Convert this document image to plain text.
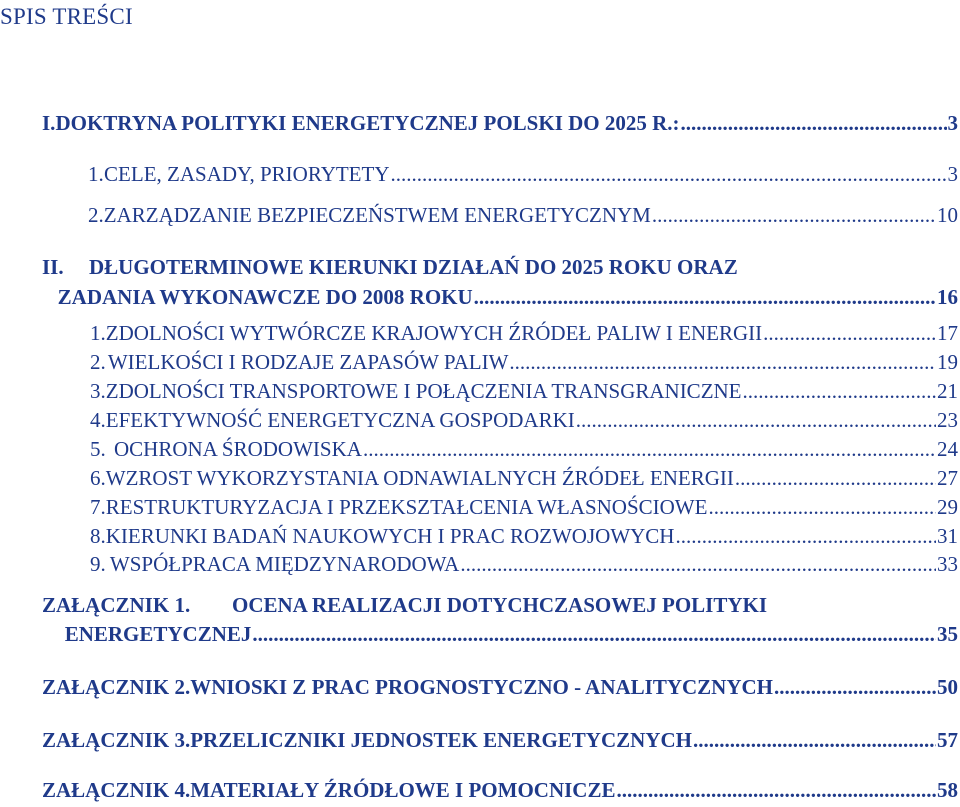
SPIS TREŚCI
I. DOKTRYNA POLITYKI ENERGETYCZNEJ POLSKI DO 2025 R.: .....	3
1. CELE, ZASADY, PRIORYTETY .....	3
2. ZARZĄDZANIE BEZPIECZEŃSTWEM ENERGETYCZNYM .....	10
II.	DŁUGOTERMINOWE KIERUNKI DZIAŁAŃ DO 2025 ROKU ORAZ
ZADANIA WYKONAWCZE DO 2008 ROKU .....	16
1. ZDOLNOŚCI WYTWÓRCZE KRAJOWYCH ŹRÓDEŁ PALIW I ENERGII .....	17
2. WIELKOŚCI I RODZAJE ZAPASÓW PALIW .....	19
3. ZDOLNOŚCI TRANSPORTOWE I POŁĄCZENIA TRANSGRANICZNE .....	21
4. EFEKTYWNOŚĆ ENERGETYCZNA GOSPODARKI .....	23
5. OCHRONA ŚRODOWISKA .....	24
6. WZROST WYKORZYSTANIA ODNAWIALNYCH ŹRÓDEŁ ENERGII .....	27
7. RESTRUKTURYZACJA I PRZEKSZTAŁCENIA WŁASNOŚCIOWE .....	29
8. KIERUNKI BADAŃ NAUKOWYCH I PRAC ROZWOJOWYCH .....	31
9. WSPÓŁPRACA MIĘDZYNARODOWA .....	33
ZAŁĄCZNIK 1.	OCENA REALIZACJI DOTYCHCZASOWEJ POLITYKI
ENERGETYCZNEJ .....	35
ZAŁĄCZNIK 2. WNIOSKI Z PRAC PROGNOSTYCZNO - ANALITYCZNYCH .....	50
ZAŁĄCZNIK 3. PRZELICZNIKI JEDNOSTEK ENERGETYCZNYCH .....	57
ZAŁĄCZNIK 4. MATERIAŁY ŹRÓDŁOWE I POMOCNICZE .....	58
